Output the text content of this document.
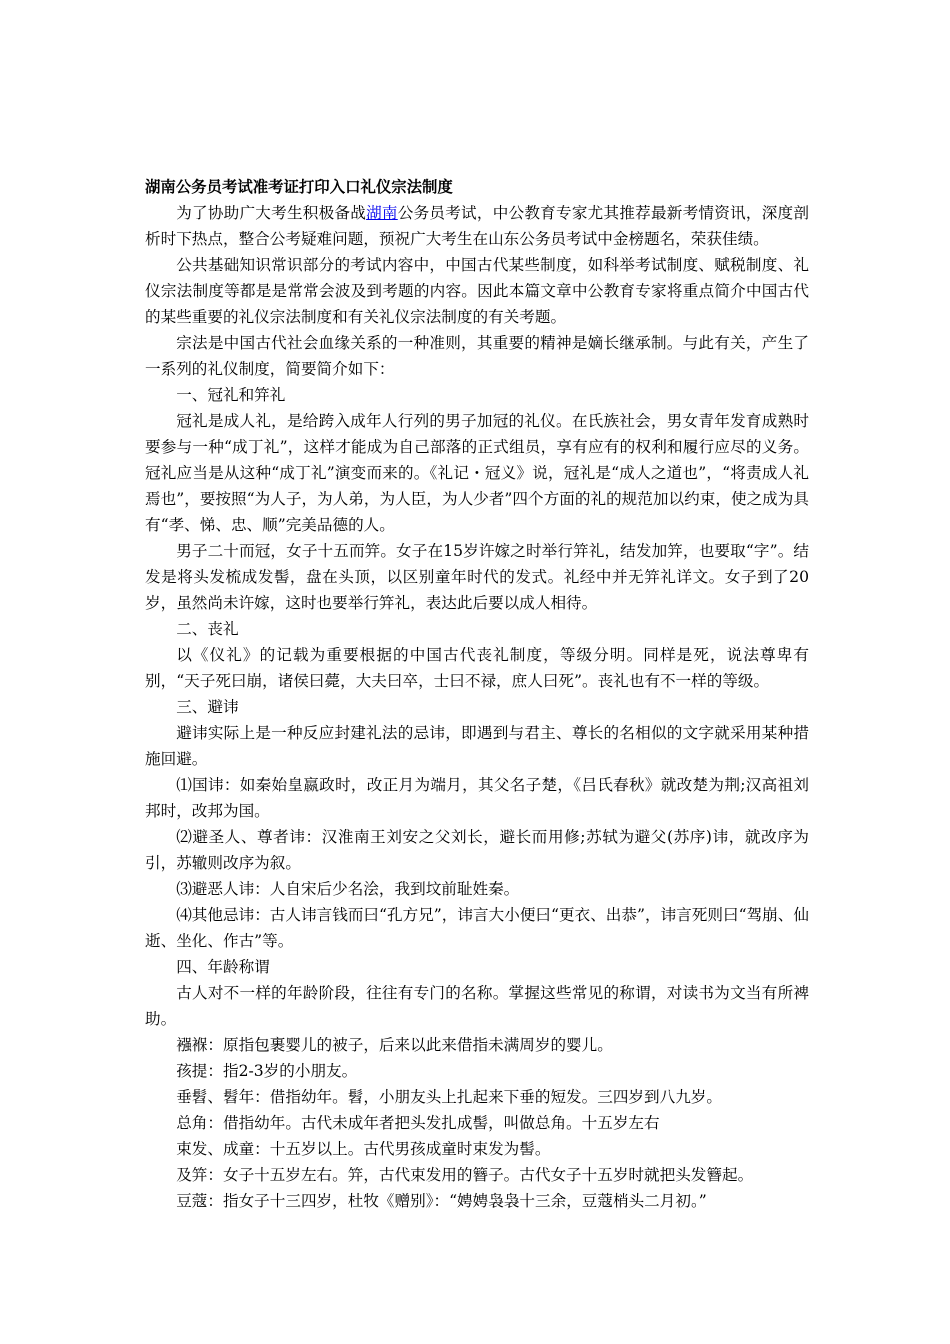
湖南公务员考试准考证打印入口礼仪宗法制度
为了协助广大考生积极备战湖南公务员考试，中公教育专家尤其推荐最新考情资讯，深度剖析时下热点，整合公考疑难问题，预祝广大考生在山东公务员考试中金榜题名，荣获佳绩。
公共基础知识常识部分的考试内容中，中国古代某些制度，如科举考试制度、赋税制度、礼仪宗法制度等都是是常常会波及到考题的内容。因此本篇文章中公教育专家将重点简介中国古代的某些重要的礼仪宗法制度和有关礼仪宗法制度的有关考题。
宗法是中国古代社会血缘关系的一种准则，其重要的精神是嫡长继承制。与此有关，产生了一系列的礼仪制度，简要简介如下：
一、冠礼和笄礼
冠礼是成人礼，是给跨入成年人行列的男子加冠的礼仪。在氏族社会，男女青年发育成熟时要参与一种“成丁礼”，这样才能成为自己部落的正式组员，享有应有的权利和履行应尽的义务。冠礼应当是从这种“成丁礼”演变而来的。《礼记・冠义》说，冠礼是“成人之道也”，“将责成人礼焉也”，要按照“为人子，为人弟，为人臣，为人少者”四个方面的礼的规范加以约束，使之成为具有“孝、悌、忠、顺”完美品德的人。
男子二十而冠，女子十五而笄。女子在15岁许嫁之时举行笄礼，结发加笄，也要取“字”。结发是将头发梳成发髻，盘在头顶，以区别童年时代的发式。礼经中并无笄礼详文。女子到了20岁，虽然尚未许嫁，这时也要举行笄礼，表达此后要以成人相待。
二、丧礼
以《仪礼》的记载为重要根据的中国古代丧礼制度，等级分明。同样是死，说法尊卑有别，“天子死曰崩，诸侯曰薨，大夫曰卒，士曰不禄，庶人曰死”。丧礼也有不一样的等级。
三、避讳
避讳实际上是一种反应封建礼法的忌讳，即遇到与君主、尊长的名相似的文字就采用某种措施回避。
⑴国讳：如秦始皇嬴政时，改正月为端月，其父名子楚，《吕氏春秋》就改楚为荆;汉高祖刘邦时，改邦为国。
⑵避圣人、尊者讳：汉淮南王刘安之父刘长，避长而用修;苏轼为避父(苏序)讳，就改序为引，苏辙则改序为叙。
⑶避恶人讳：人自宋后少名浍，我到坟前耻姓秦。
⑷其他忌讳：古人讳言钱而曰“孔方兄”，讳言大小便曰“更衣、出恭”，讳言死则曰“驾崩、仙逝、坐化、作古”等。
四、年龄称谓
古人对不一样的年龄阶段，往往有专门的名称。掌握这些常见的称谓，对读书为文当有所裨助。
襁褓：原指包裹婴儿的被子，后来以此来借指未满周岁的婴儿。
孩提：指2-3岁的小朋友。
垂髫、髫年：借指幼年。髫，小朋友头上扎起来下垂的短发。三四岁到八九岁。
总角：借指幼年。古代未成年者把头发扎成髻，叫做总角。十五岁左右
束发、成童：十五岁以上。古代男孩成童时束发为髻。
及笄：女子十五岁左右。笄，古代束发用的簪子。古代女子十五岁时就把头发簪起。
豆蔻：指女子十三四岁，杜牧《赠别》：“娉娉袅袅十三余，豆蔻梢头二月初。”
